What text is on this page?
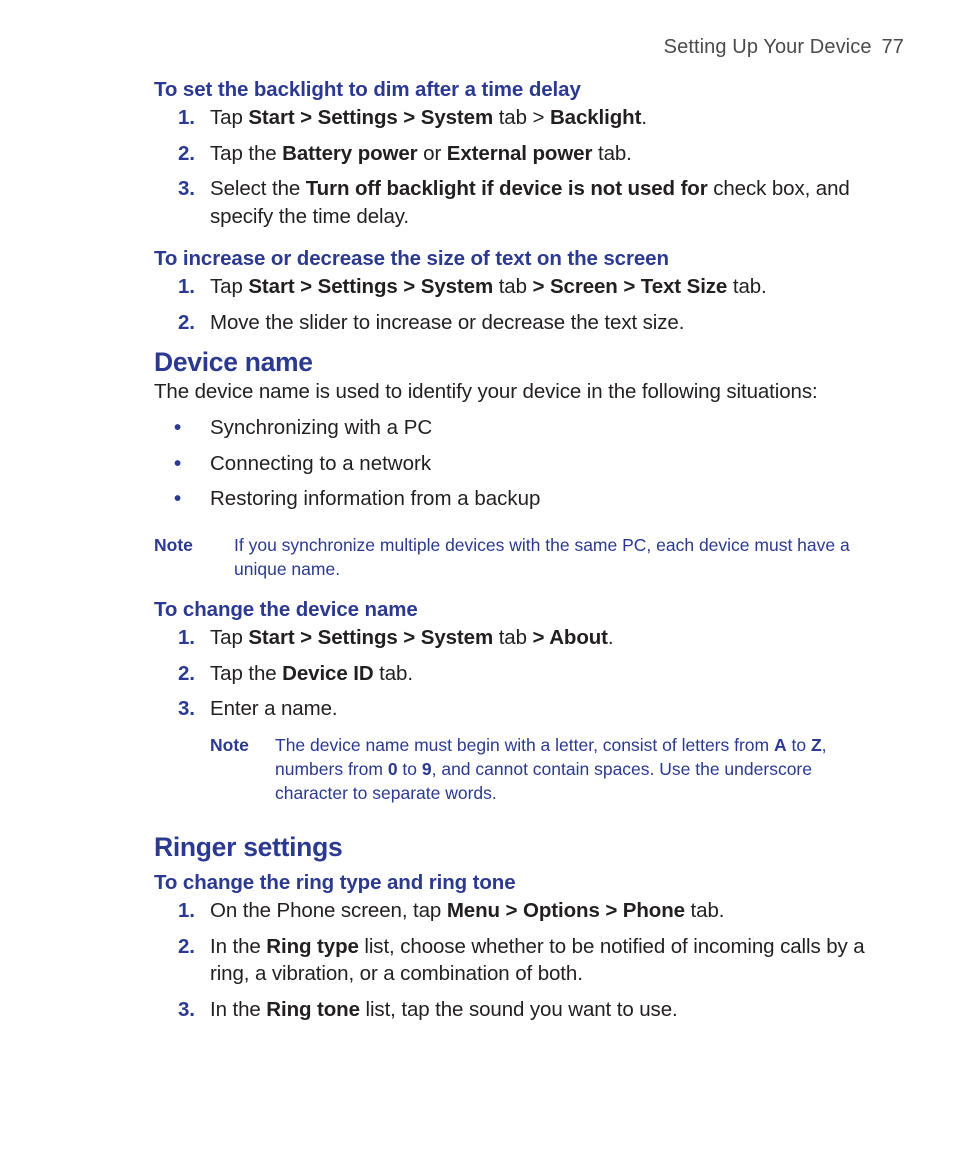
Setting Up Your Device 77

To set the backlight to dim after a time delay

1. Tap Start > Settings > System tab > Backlight.
2. Tap the Battery power or External power tab.
3. Select the Turn off backlight if device is not used for check box, and specify the time delay.

To increase or decrease the size of text on the screen

1. Tap Start > Settings > System tab > Screen > Text Size tab.
2. Move the slider to increase or decrease the text size.

Device name

The device name is used to identify your device in the following situations:

• Synchronizing with a PC
• Connecting to a network
• Restoring information from a backup
Note If you synchronize multiple devices with the same PC, each device must have a unique name.

To change the device name

1. Tap Start > Settings > System tab > About.
2. Tap the Device ID tab.
3. Enter a name.
Note The device name must begin with a letter, consist of letters from A to Z, numbers from 0 to 9, and cannot contain spaces. Use the underscore character to separate words.

Ringer settings

To change the ring type and ring tone

1. On the Phone screen, tap Menu > Options > Phone tab.
2. In the Ring type list, choose whether to be notified of incoming calls by a ring, a vibration, or a combination of both.
3. In the Ring tone list, tap the sound you want to use.
